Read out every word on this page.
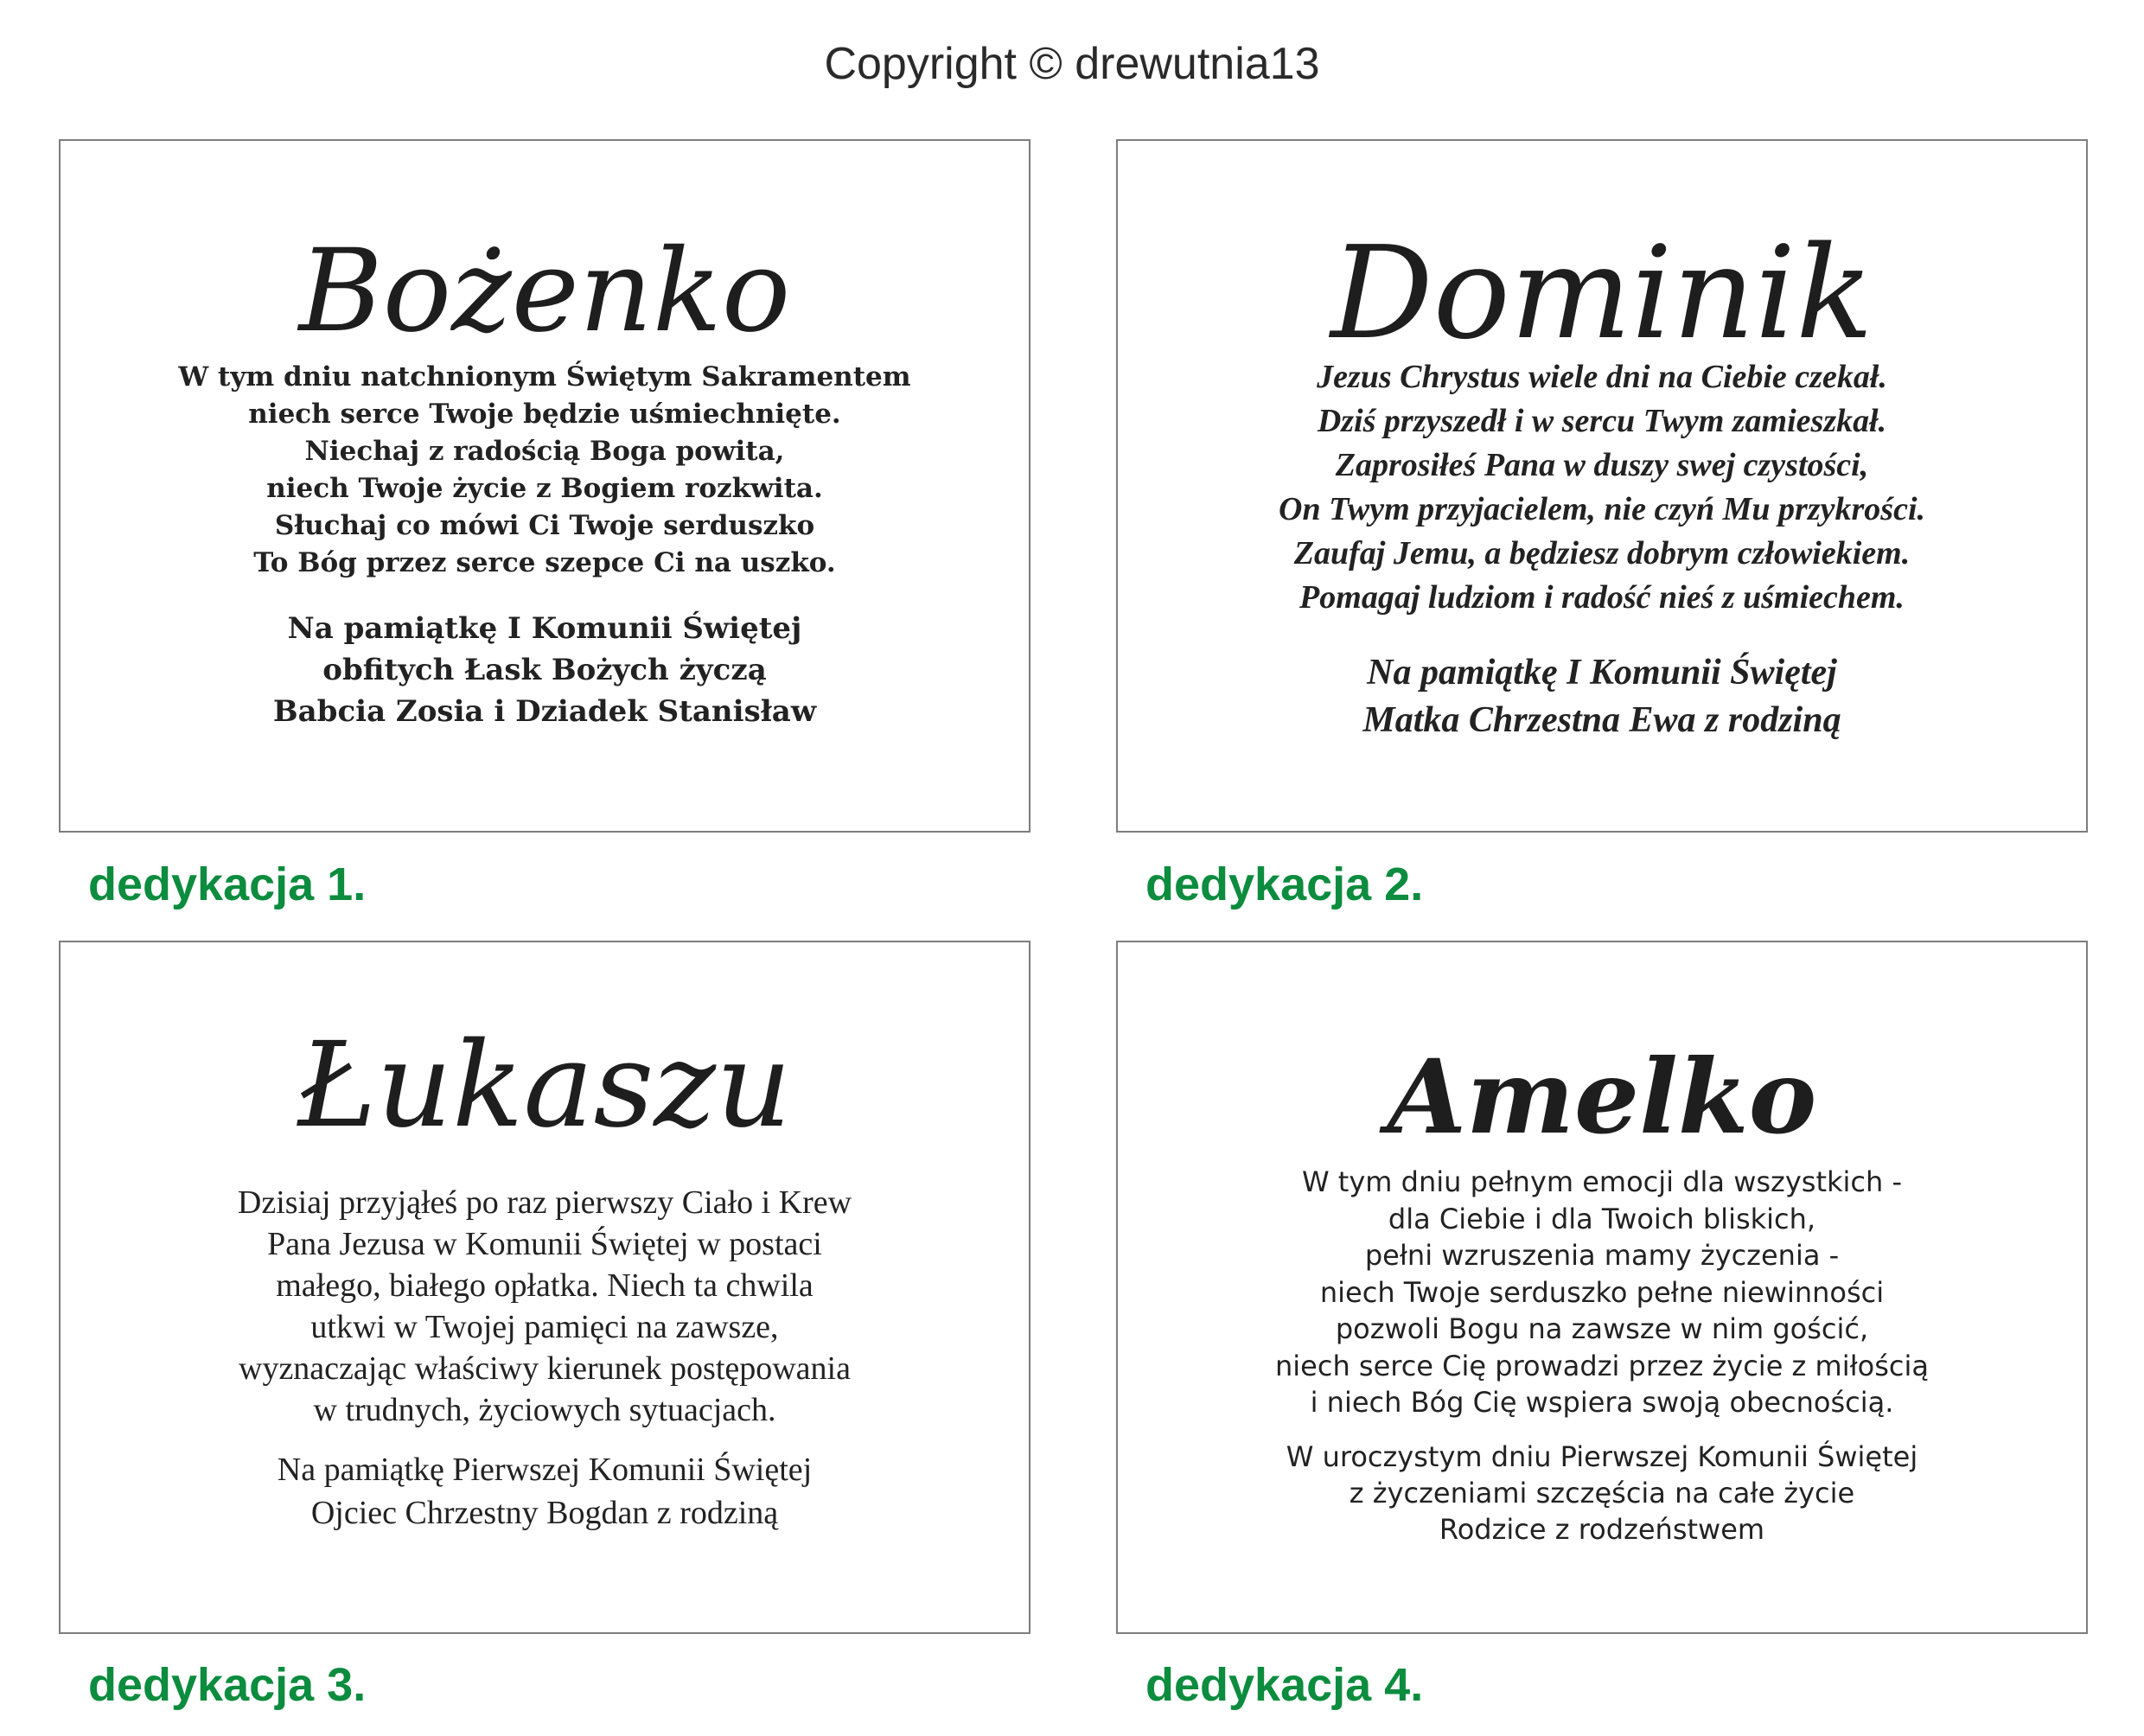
Copyright © drewutnia13
Bożenko
W tym dniu natchnionym Świętym Sakramentem
niech serce Twoje będzie uśmiechnięte.
Niechaj z radością Boga powita,
niech Twoje życie z Bogiem rozkwita.
Słuchaj co mówi Ci Twoje serduszko
To Bóg przez serce szepce Ci na uszko.
Na pamiątkę I Komunii Świętej
obfitych Łask Bożych życzą
Babcia Zosia i Dziadek Stanisław
dedykacja 1.
Dominik
Jezus Chrystus wiele dni na Ciebie czekał.
Dziś przyszedł i w sercu Twym zamieszkał.
Zaprosiłeś Pana w duszy swej czystości,
On Twym przyjacielem, nie czyń Mu przykrości.
Zaufaj Jemu, a będziesz dobrym człowiekiem.
Pomagaj ludziom i radość nieś z uśmiechem.
Na pamiątkę I Komunii Świętej
Matka Chrzestna Ewa z rodziną
dedykacja 2.
Łukaszu
Dzisiaj przyjąłeś po raz pierwszy Ciało i Krew
Pana Jezusa w Komunii Świętej w postaci
małego, białego opłatka. Niech ta chwila
utkwi w Twojej pamięci na zawsze,
wyznaczając właściwy kierunek postępowania
w trudnych, życiowych sytuacjach.
Na pamiątkę Pierwszej Komunii Świętej
Ojciec Chrzestny Bogdan z rodziną
dedykacja 3.
Amelko
W tym dniu pełnym emocji dla wszystkich -
dla Ciebie i dla Twoich bliskich,
pełni wzruszenia mamy życzenia -
niech Twoje serduszko pełne niewinności
pozwoli Bogu na zawsze w nim gościć,
niech serce Cię prowadzi przez życie z miłością
i niech Bóg Cię wspiera swoją obecnością.
W uroczystym dniu Pierwszej Komunii Świętej
z życzeniami szczęścia na całe życie
Rodzice z rodzeństwem
dedykacja 4.
